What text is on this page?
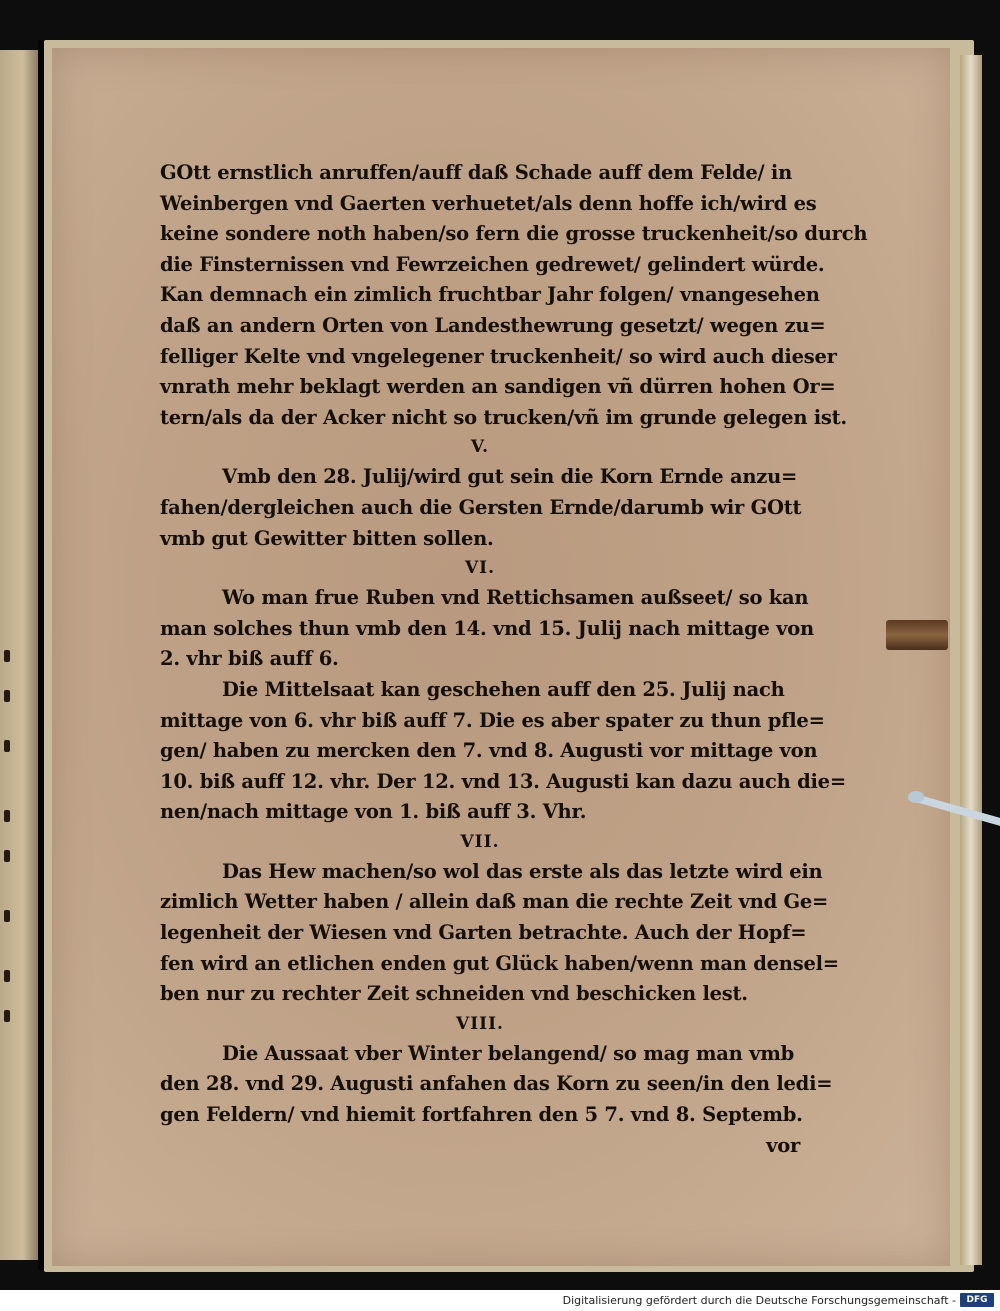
GOtt ernstlich anruffen/auff daß Schade auff dem Felde/ in
Weinbergen vnd Gaerten verhuetet/als denn hoffe ich/wird es
keine sondere noth haben/so fern die grosse truckenheit/so durch
die Finsternissen vnd Fewrzeichen gedrewet/ gelindert würde.
Kan demnach ein zimlich fruchtbar Jahr folgen/ vnangesehen
daß an andern Orten von Landesthewrung gesetzt/ wegen zu=
felliger Kelte vnd vngelegener truckenheit/ so wird auch dieser
vnrath mehr beklagt werden an sandigen vñ dürren hohen Or=
tern/als da der Acker nicht so trucken/vñ im grunde gelegen ist.
V.
Vmb den 28. Julij/wird gut sein die Korn Ernde anzu=
fahen/dergleichen auch die Gersten Ernde/darumb wir GOtt
vmb gut Gewitter bitten sollen.
VI.
Wo man frue Ruben vnd Rettichsamen außseet/ so kan
man solches thun vmb den 14. vnd 15. Julij nach mittage von
2. vhr biß auff 6.
Die Mittelsaat kan geschehen auff den 25. Julij nach
mittage von 6. vhr biß auff 7. Die es aber spater zu thun pfle=
gen/ haben zu mercken den 7. vnd 8. Augusti vor mittage von
10. biß auff 12. vhr. Der 12. vnd 13. Augusti kan dazu auch die=
nen/nach mittage von 1. biß auff 3. Vhr.
VII.
Das Hew machen/so wol das erste als das letzte wird ein
zimlich Wetter haben / allein daß man die rechte Zeit vnd Ge=
legenheit der Wiesen vnd Garten betrachte. Auch der Hopf=
fen wird an etlichen enden gut Glück haben/wenn man densel=
ben nur zu rechter Zeit schneiden vnd beschicken lest.
VIII.
Die Aussaat vber Winter belangend/ so mag man vmb
den 28. vnd 29. Augusti anfahen das Korn zu seen/in den ledi=
gen Feldern/ vnd hiemit fortfahren den 5 7. vnd 8. Septemb.
vor
Digitalisierung gefördert durch die Deutsche Forschungsgemeinschaft -	DFG
